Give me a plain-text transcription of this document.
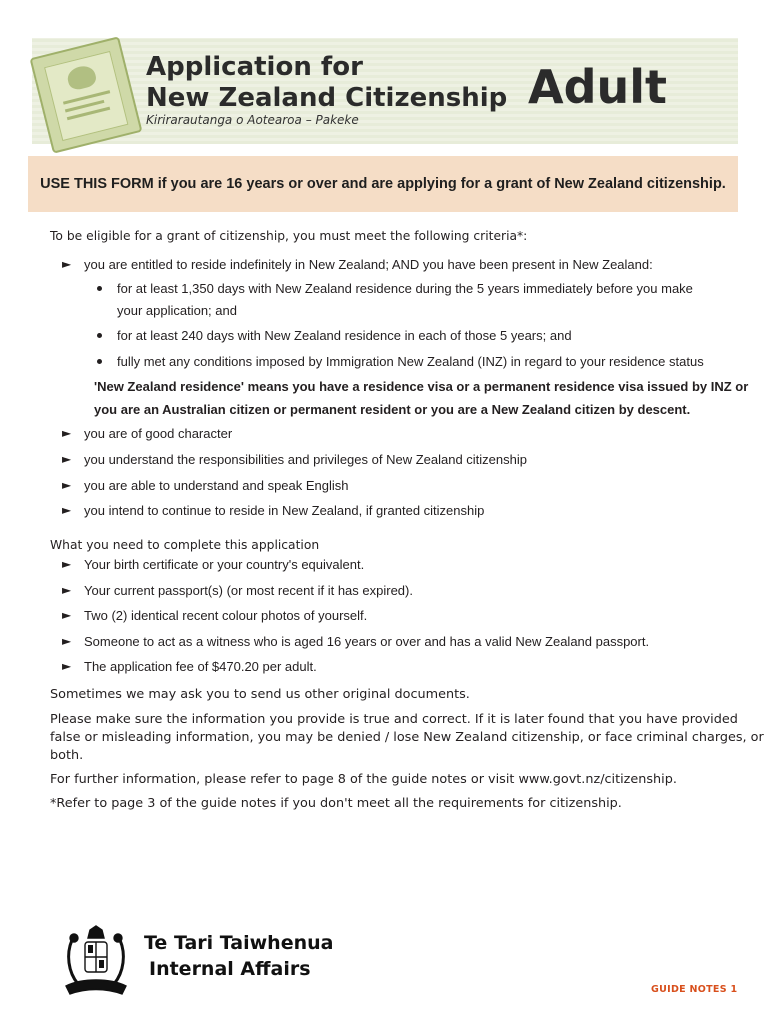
Application for
New Zealand Citizenship
Kirirarautanga o Aotearoa – Pakeke
Adult
USE THIS FORM if you are 16 years or over and are applying for a grant of New Zealand citizenship.
To be eligible for a grant of citizenship, you must meet the following criteria*:
► you are entitled to reside indefinitely in New Zealand; AND you have been present in New Zealand:
for at least 1,350 days with New Zealand residence during the 5 years immediately before you make
your application; and
for at least 240 days with New Zealand residence in each of those 5 years; and
fully met any conditions imposed by Immigration New Zealand (INZ) in regard to your residence status
'New Zealand residence' means you have a residence visa or a permanent residence visa issued by INZ or
you are an Australian citizen or permanent resident or you are a New Zealand citizen by descent.
► you are of good character
► you understand the responsibilities and privileges of New Zealand citizenship
► you are able to understand and speak English
► you intend to continue to reside in New Zealand, if granted citizenship
What you need to complete this application
► Your birth certificate or your country's equivalent.
► Your current passport(s) (or most recent if it has expired).
► Two (2) identical recent colour photos of yourself.
► Someone to act as a witness who is aged 16 years or over and has a valid New Zealand passport.
► The application fee of $470.20 per adult.
Sometimes we may ask you to send us other original documents.
Please make sure the information you provide is true and correct. If it is later found that you have provided
false or misleading information, you may be denied / lose New Zealand citizenship, or face criminal charges, or
both.
For further information, please refer to page 8 of the guide notes or visit www.govt.nz/citizenship.
*Refer to page 3 of the guide notes if you don't meet all the requirements for citizenship.
Te Tari Taiwhenua
Internal Affairs
GUIDE NOTES 1
